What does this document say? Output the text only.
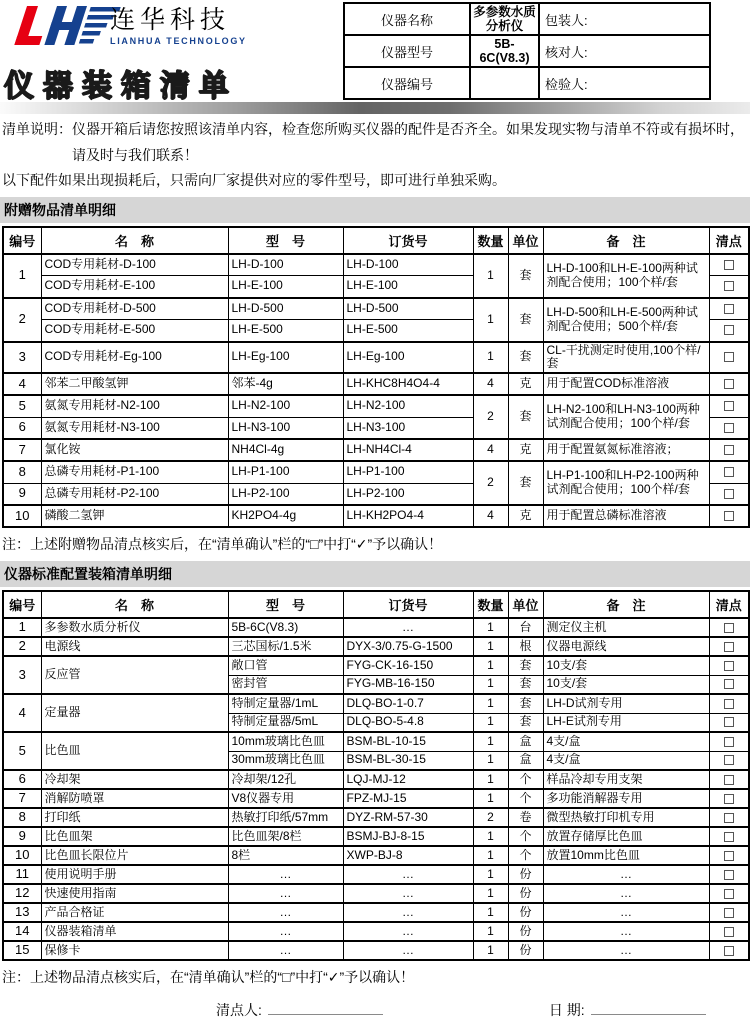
连华科技
LIANHUA TECHNOLOGY
仪器装箱清单
仪器名称	多参数水质分析仪	包装人:
仪器型号	5B-6C(V8.3)	核对人:
仪器编号		检验人:
清单说明：仪器开箱后请您按照该清单内容，检查您所购买仪器的配件是否齐全。如果发现实物与清单不符或有损坏时，
请及时与我们联系！
以下配件如果出现损耗后，只需向厂家提供对应的零件型号，即可进行单独采购。
附赠物品清单明细
编号	名　称	型　号	订货号	数量	单位	备　注	清点
1	COD专用耗材-D-100	LH-D-100	LH-D-100	1	套	LH-D-100和LH-E-100两种试剂配合使用；100个样/套	
	COD专用耗材-E-100	LH-E-100	LH-E-100				
2	COD专用耗材-D-500	LH-D-500	LH-D-500	1	套	LH-D-500和LH-E-500两种试剂配合使用；500个样/套	
	COD专用耗材-E-500	LH-E-500	LH-E-500				
3	COD专用耗材-Eg-100	LH-Eg-100	LH-Eg-100	1	套	CL-干扰测定时使用,100个样/套	
4	邻苯二甲酸氢钾	邻苯-4g	LH-KHC8H4O4-4	4	克	用于配置COD标准溶液	
5	氨氮专用耗材-N2-100	LH-N2-100	LH-N2-100	2	套	LH-N2-100和LH-N3-100两种试剂配合使用；100个样/套	
6	氨氮专用耗材-N3-100	LH-N3-100	LH-N3-100				
7	氯化铵	NH4Cl-4g	LH-NH4Cl-4	4	克	用于配置氨氮标准溶液；	
8	总磷专用耗材-P1-100	LH-P1-100	LH-P1-100	2	套	LH-P1-100和LH-P2-100两种试剂配合使用；100个样/套	
9	总磷专用耗材-P2-100	LH-P2-100	LH-P2-100				
10	磷酸二氢钾	KH2PO4-4g	LH-KH2PO4-4	4	克	用于配置总磷标准溶液	
注：上述附赠物品清点核实后，在“清单确认”栏的“□”中打“✓”予以确认！
仪器标准配置装箱清单明细
编号	名　称	型　号	订货号	数量	单位	备　注	清点
1	多参数水质分析仪	5B-6C(V8.3)	…	1	台	测定仪主机	
2	电源线	三芯国标/1.5米	DYX-3/0.75-G-1500	1	根	仪器电源线	
3	反应管	敞口管	FYG-CK-16-150	1	套	10支/套	
		密封管	FYG-MB-16-150	1	套	10支/套	
4	定量器	特制定量器/1mL	DLQ-BO-1-0.7	1	套	LH-D试剂专用	
		特制定量器/5mL	DLQ-BO-5-4.8	1	套	LH-E试剂专用	
5	比色皿	10mm玻璃比色皿	BSM-BL-10-15	1	盒	4支/盒	
		30mm玻璃比色皿	BSM-BL-30-15	1	盒	4支/盒	
6	冷却架	冷却架/12孔	LQJ-MJ-12	1	个	样品冷却专用支架	
7	消解防喷罩	V8仪器专用	FPZ-MJ-15	1	个	多功能消解器专用	
8	打印纸	热敏打印纸/57mm	DYZ-RM-57-30	2	卷	微型热敏打印机专用	
9	比色皿架	比色皿架/8栏	BSMJ-BJ-8-15	1	个	放置存储厚比色皿	
10	比色皿长限位片	8栏	XWP-BJ-8	1	个	放置10mm比色皿	
11	使用说明手册	…	…	1	份	…	
12	快速使用指南	…	…	1	份	…	
13	产品合格证	…	…	1	份	…	
14	仪器装箱清单	…	…	1	份	…	
15	保修卡	…	…	1	份	…	
注：上述物品清点核实后，在“清单确认”栏的“□”中打“✓”予以确认！
清点人:	日 期:
